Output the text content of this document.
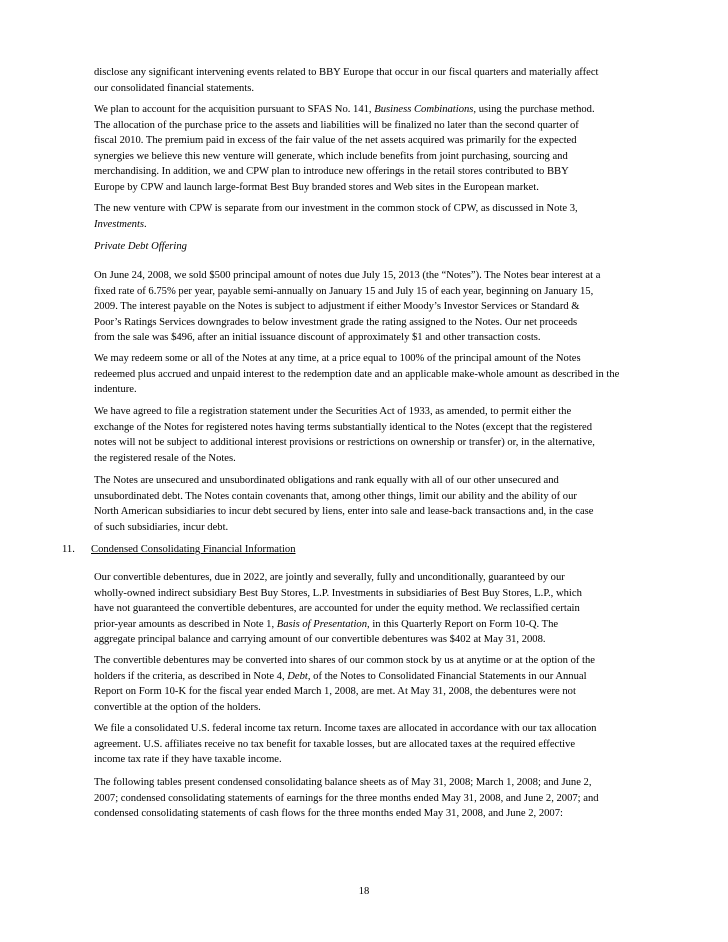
disclose any significant intervening events related to BBY Europe that occur in our fiscal quarters and materially affect
our consolidated financial statements.

We plan to account for the acquisition pursuant to SFAS No. 141, Business Combinations, using the purchase method.
The allocation of the purchase price to the assets and liabilities will be finalized no later than the second quarter of
fiscal 2010. The premium paid in excess of the fair value of the net assets acquired was primarily for the expected
synergies we believe this new venture will generate, which include benefits from joint purchasing, sourcing and
merchandising. In addition, we and CPW plan to introduce new offerings in the retail stores contributed to BBY
Europe by CPW and launch large-format Best Buy branded stores and Web sites in the European market.

The new venture with CPW is separate from our investment in the common stock of CPW, as discussed in Note 3,
Investments.

Private Debt Offering

On June 24, 2008, we sold $500 principal amount of notes due July 15, 2013 (the “Notes”). The Notes bear interest at a
fixed rate of 6.75% per year, payable semi-annually on January 15 and July 15 of each year, beginning on January 15,
2009. The interest payable on the Notes is subject to adjustment if either Moody’s Investor Services or Standard &
Poor’s Ratings Services downgrades to below investment grade the rating assigned to the Notes. Our net proceeds
from the sale was $496, after an initial issuance discount of approximately $1 and other transaction costs.

We may redeem some or all of the Notes at any time, at a price equal to 100% of the principal amount of the Notes
redeemed plus accrued and unpaid interest to the redemption date and an applicable make-whole amount as described in the
indenture.

We have agreed to file a registration statement under the Securities Act of 1933, as amended, to permit either the
exchange of the Notes for registered notes having terms substantially identical to the Notes (except that the registered
notes will not be subject to additional interest provisions or restrictions on ownership or transfer) or, in the alternative,
the registered resale of the Notes.

The Notes are unsecured and unsubordinated obligations and rank equally with all of our other unsecured and
unsubordinated debt. The Notes contain covenants that, among other things, limit our ability and the ability of our
North American subsidiaries to incur debt secured by liens, enter into sale and lease-back transactions and, in the case
of such subsidiaries, incur debt.

11. Condensed Consolidating Financial Information

Our convertible debentures, due in 2022, are jointly and severally, fully and unconditionally, guaranteed by our
wholly-owned indirect subsidiary Best Buy Stores, L.P. Investments in subsidiaries of Best Buy Stores, L.P., which
have not guaranteed the convertible debentures, are accounted for under the equity method. We reclassified certain
prior-year amounts as described in Note 1, Basis of Presentation, in this Quarterly Report on Form 10-Q. The
aggregate principal balance and carrying amount of our convertible debentures was $402 at May 31, 2008.

The convertible debentures may be converted into shares of our common stock by us at anytime or at the option of the
holders if the criteria, as described in Note 4, Debt, of the Notes to Consolidated Financial Statements in our Annual
Report on Form 10-K for the fiscal year ended March 1, 2008, are met. At May 31, 2008, the debentures were not
convertible at the option of the holders.

We file a consolidated U.S. federal income tax return. Income taxes are allocated in accordance with our tax allocation
agreement. U.S. affiliates receive no tax benefit for taxable losses, but are allocated taxes at the required effective
income tax rate if they have taxable income.

The following tables present condensed consolidating balance sheets as of May 31, 2008; March 1, 2008; and June 2,
2007; condensed consolidating statements of earnings for the three months ended May 31, 2008, and June 2, 2007; and
condensed consolidating statements of cash flows for the three months ended May 31, 2008, and June 2, 2007:

18
